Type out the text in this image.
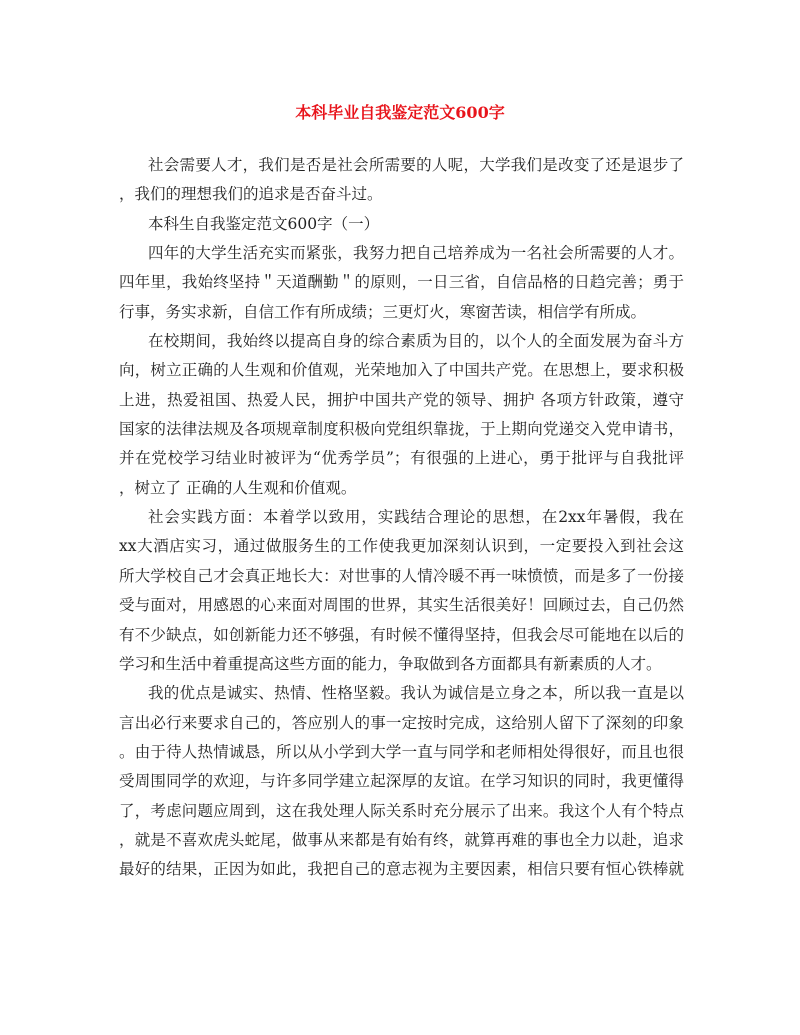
本科毕业自我鉴定范文600字
社会需要人才，我们是否是社会所需要的人呢，大学我们是改变了还是退步了
，我们的理想我们的追求是否奋斗过。
本科生自我鉴定范文600字（一）
四年的大学生活充实而紧张，我努力把自己培养成为一名社会所需要的人才。
四年里，我始终坚持＂天道酬勤＂的原则，一日三省，自信品格的日趋完善；勇于
行事，务实求新，自信工作有所成绩；三更灯火，寒窗苦读，相信学有所成。
在校期间，我始终以提高自身的综合素质为目的，以个人的全面发展为奋斗方
向，树立正确的人生观和价值观，光荣地加入了中国共产党。在思想上，要求积极
上进，热爱祖国、热爱人民，拥护中国共产党的领导、拥护 各项方针政策，遵守
国家的法律法规及各项规章制度积极向党组织靠拢，于上期向党递交入党申请书，
并在党校学习结业时被评为“优秀学员”；有很强的上进心，勇于批评与自我批评
，树立了 正确的人生观和价值观。
社会实践方面：本着学以致用，实践结合理论的思想，在2xx年暑假，我在
xx大酒店实习，通过做服务生的工作使我更加深刻认识到，一定要投入到社会这
所大学校自己才会真正地长大：对世事的人情冷暖不再一味愤愤，而是多了一份接
受与面对，用感恩的心来面对周围的世界，其实生活很美好！回顾过去，自己仍然
有不少缺点，如创新能力还不够强，有时候不懂得坚持，但我会尽可能地在以后的
学习和生活中着重提高这些方面的能力，争取做到各方面都具有新素质的人才。
我的优点是诚实、热情、性格坚毅。我认为诚信是立身之本，所以我一直是以
言出必行来要求自己的，答应别人的事一定按时完成，这给别人留下了深刻的印象
。由于待人热情诚恳，所以从小学到大学一直与同学和老师相处得很好，而且也很
受周围同学的欢迎，与许多同学建立起深厚的友谊。在学习知识的同时，我更懂得
了，考虑问题应周到，这在我处理人际关系时充分展示了出来。我这个人有个特点
，就是不喜欢虎头蛇尾，做事从来都是有始有终，就算再难的事也全力以赴，追求
最好的结果，正因为如此，我把自己的意志视为主要因素，相信只要有恒心铁棒就
